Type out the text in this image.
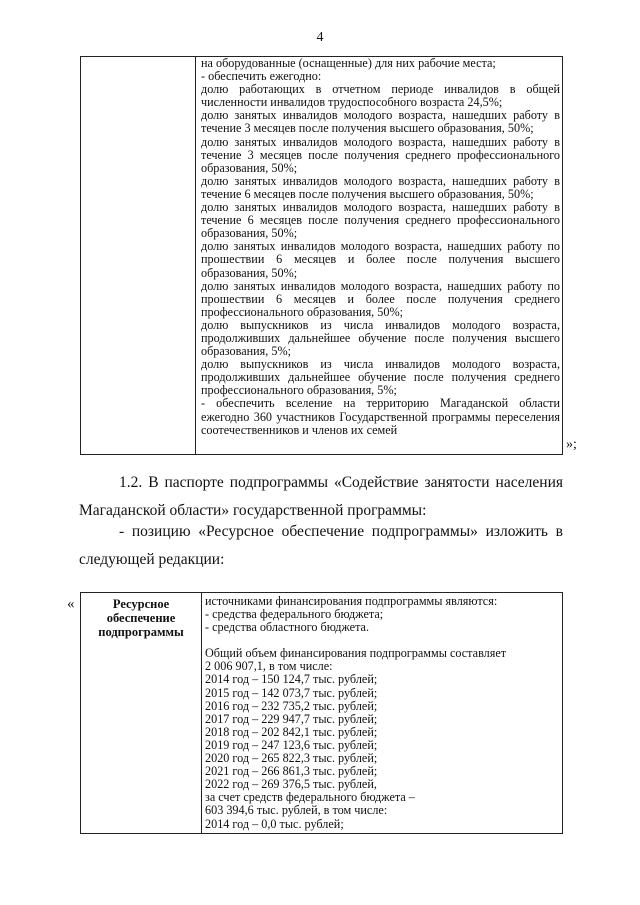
4

на оборудованные (оснащенные) для них рабочие места;

- обеспечить ежегодно:

долю работающих в отчетном периоде инвалидов в общей численности инвалидов трудоспособного возраста 24,5%;

долю занятых инвалидов молодого возраста, нашедших работу в течение 3 месяцев после получения высшего образования, 50%;

долю занятых инвалидов молодого возраста, нашедших работу в течение 3 месяцев после получения среднего профессионального образования, 50%;

долю занятых инвалидов молодого возраста, нашедших работу в течение 6 месяцев после получения высшего образования, 50%;

долю занятых инвалидов молодого возраста, нашедших работу в течение 6 месяцев после получения среднего профессионального образования, 50%;

долю занятых инвалидов молодого возраста, нашедших работу по прошествии 6 месяцев и более после получения высшего образования, 50%;

долю занятых инвалидов молодого возраста, нашедших работу по прошествии 6 месяцев и более после получения среднего профессионального образования, 50%;

долю выпускников из числа инвалидов молодого возраста, продолживших дальнейшее обучение после получения высшего образования, 5%;

долю выпускников из числа инвалидов молодого возраста, продолживших дальнейшее обучение после получения среднего профессионального образования, 5%;

- обеспечить вселение на территорию Магаданской области ежегодно 360 участников Государственной программы переселения соотечественников и членов их семей

»;

1.2. В паспорте подпрограммы «Содействие занятости населения Магаданской области» государственной программы:

- позицию «Ресурсное обеспечение подпрограммы» изложить в следующей редакции:

«	Ресурсное обеспечение подпрограммы

источниками финансирования подпрограммы являются:

- средства федерального бюджета;

- средства областного бюджета.

Общий объем финансирования подпрограммы составляет

2 006 907,1, в том числе:

2014 год – 150 124,7 тыс. рублей;

2015 год – 142 073,7 тыс. рублей;

2016 год – 232 735,2 тыс. рублей;

2017 год – 229 947,7 тыс. рублей;

2018 год – 202 842,1 тыс. рублей;

2019 год – 247 123,6 тыс. рублей;

2020 год – 265 822,3 тыс. рублей;

2021 год – 266 861,3 тыс. рублей;

2022 год – 269 376,5 тыс. рублей,

за счет средств федерального бюджета –

603 394,6 тыс. рублей, в том числе:

2014 год – 0,0 тыс. рублей;
